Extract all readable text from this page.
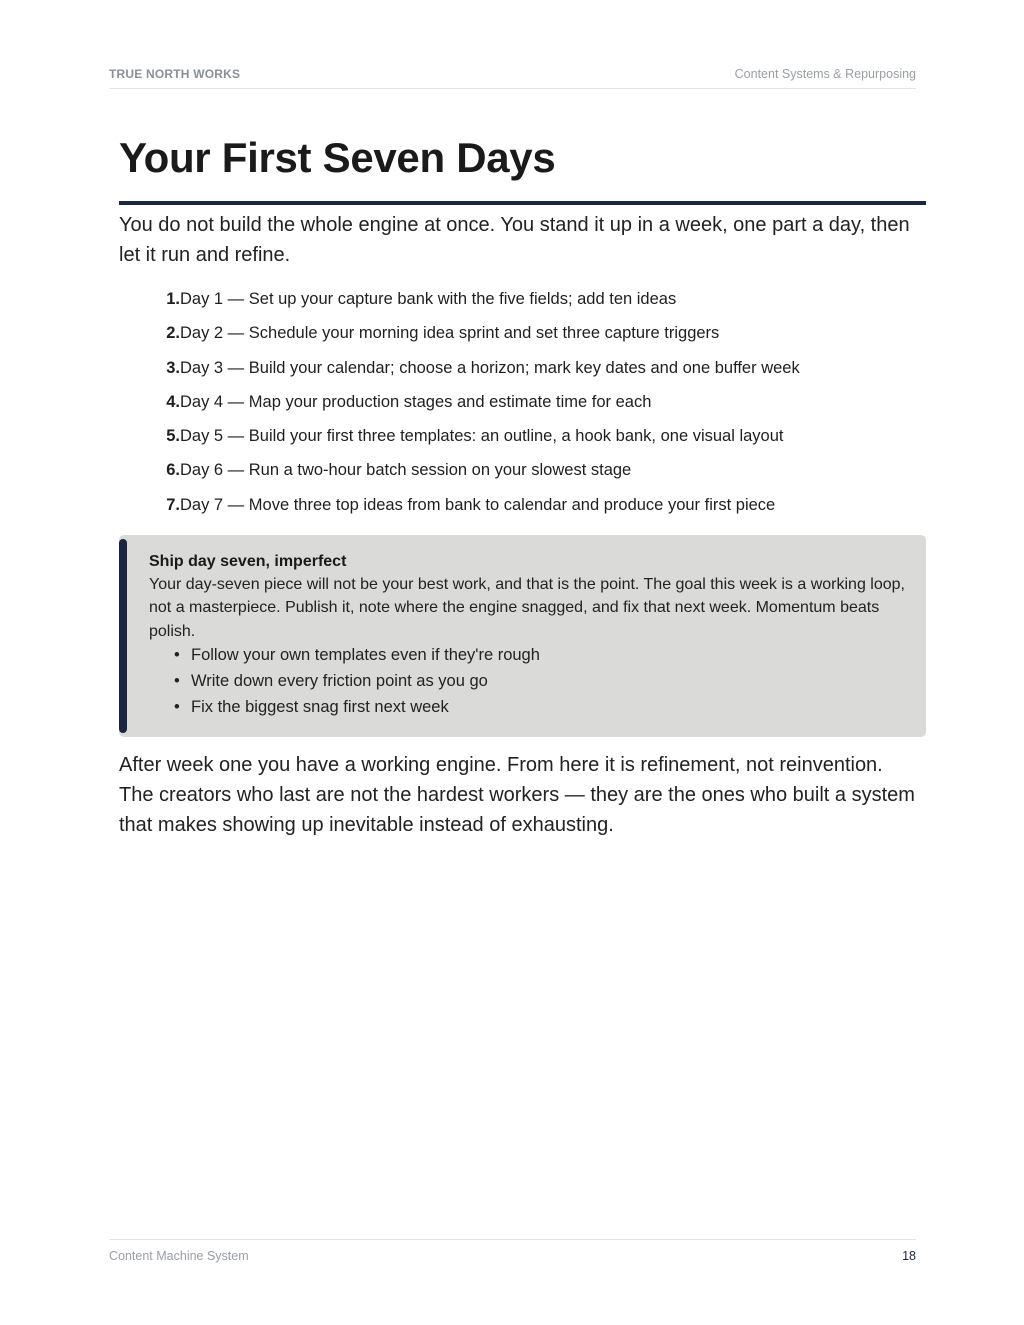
TRUE NORTH WORKS	Content Systems & Repurposing
Your First Seven Days

You do not build the whole engine at once. You stand it up in a week, one part a day, then let it run and refine.

1.Day 1 — Set up your capture bank with the five fields; add ten ideas
2.Day 2 — Schedule your morning idea sprint and set three capture triggers
3.Day 3 — Build your calendar; choose a horizon; mark key dates and one buffer week
4.Day 4 — Map your production stages and estimate time for each
5.Day 5 — Build your first three templates: an outline, a hook bank, one visual layout
6.Day 6 — Run a two-hour batch session on your slowest stage
7.Day 7 — Move three top ideas from bank to calendar and produce your first piece
Ship day seven, imperfect

Your day-seven piece will not be your best work, and that is the point. The goal this week is a working loop, not a masterpiece. Publish it, note where the engine snagged, and fix that next week. Momentum beats polish.

• Follow your own templates even if they're rough
• Write down every friction point as you go
• Fix the biggest snag first next week

After week one you have a working engine. From here it is refinement, not reinvention. The creators who last are not the hardest workers — they are the ones who built a system that makes showing up inevitable instead of exhausting.

Content Machine System	18
